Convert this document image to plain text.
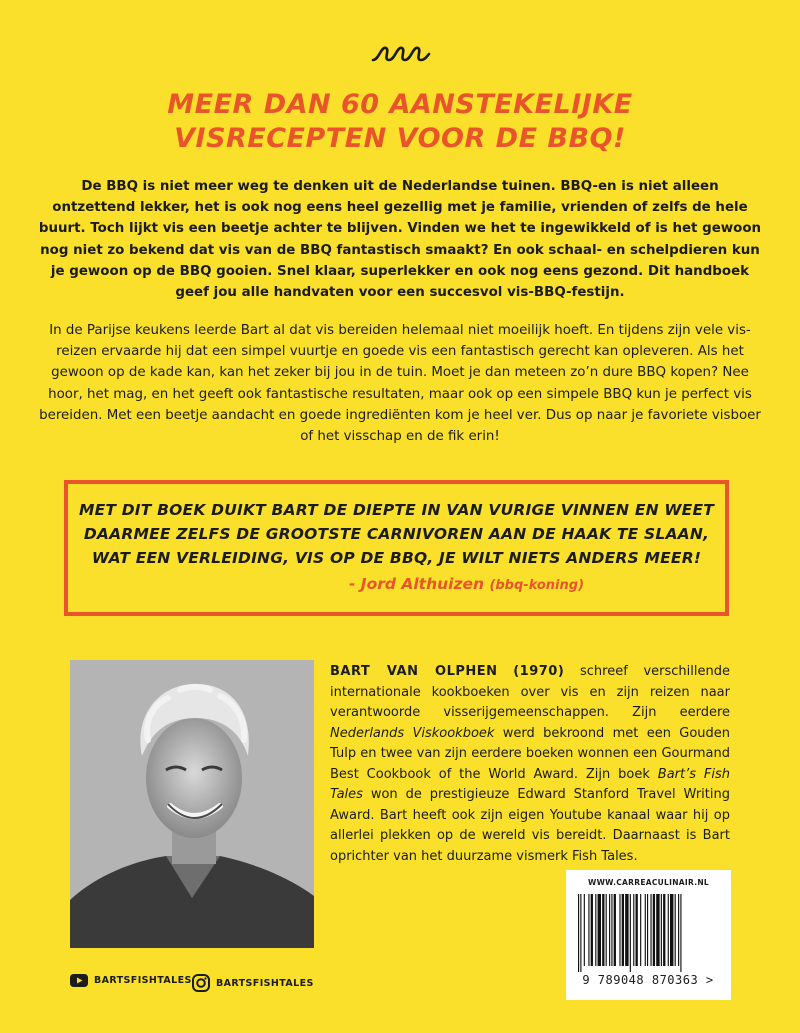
MEER DAN 60 AANSTEKELIJKE
VISRECEPTEN VOOR DE BBQ!

De BBQ is niet meer weg te denken uit de Nederlandse tuinen. BBQ-en is niet alleen ontzettend lekker, het is ook nog eens heel gezellig met je familie, vrienden of zelfs de hele buurt. Toch lijkt vis een beetje achter te blijven. Vinden we het te ingewikkeld of is het gewoon nog niet zo bekend dat vis van de BBQ fantastisch smaakt? En ook schaal- en schelpdieren kun je gewoon op de BBQ gooien. Snel klaar, superlekker en ook nog eens gezond. Dit handboek geef jou alle handvaten voor een succesvol vis-BBQ-festijn.

In de Parijse keukens leerde Bart al dat vis bereiden helemaal niet moeilijk hoeft. En tijdens zijn vele vis-reizen ervaarde hij dat een simpel vuurtje en goede vis een fantastisch gerecht kan opleveren. Als het gewoon op de kade kan, kan het zeker bij jou in de tuin. Moet je dan meteen zo’n dure BBQ kopen? Nee hoor, het mag, en het geeft ook fantastische resultaten, maar ook op een simpele BBQ kun je perfect vis bereiden. Met een beetje aandacht en goede ingrediënten kom je heel ver. Dus op naar je favoriete visboer of het visschap en de fik erin!

MET DIT BOEK DUIKT BART DE DIEPTE IN VAN VURIGE VINNEN EN WEET
DAARMEE ZELFS DE GROOTSTE CARNIVOREN AAN DE HAAK TE SLAAN,
WAT EEN VERLEIDING, VIS OP DE BBQ, JE WILT NIETS ANDERS MEER!

- Jord Althuizen (bbq-koning)

BART VAN OLPHEN (1970) schreef verschillende internationale kookboeken over vis en zijn reizen naar verantwoorde visserijgemeenschappen. Zijn eerdere Nederlands Viskookboek werd bekroond met een Gouden Tulp en twee van zijn eerdere boeken wonnen een Gourmand Best Cookbook of the World Award. Zijn boek Bart’s Fish Tales won de prestigieuze Edward Stanford Travel Writing Award. Bart heeft ook zijn eigen Youtube kanaal waar hij op allerlei plekken op de wereld vis bereidt. Daarnaast is Bart oprichter van het duurzame vismerk Fish Tales.

WWW.CARREACULINAIR.NL
9 789048 870363 >
BARTSFISHTALES	BARTSFISHTALES
